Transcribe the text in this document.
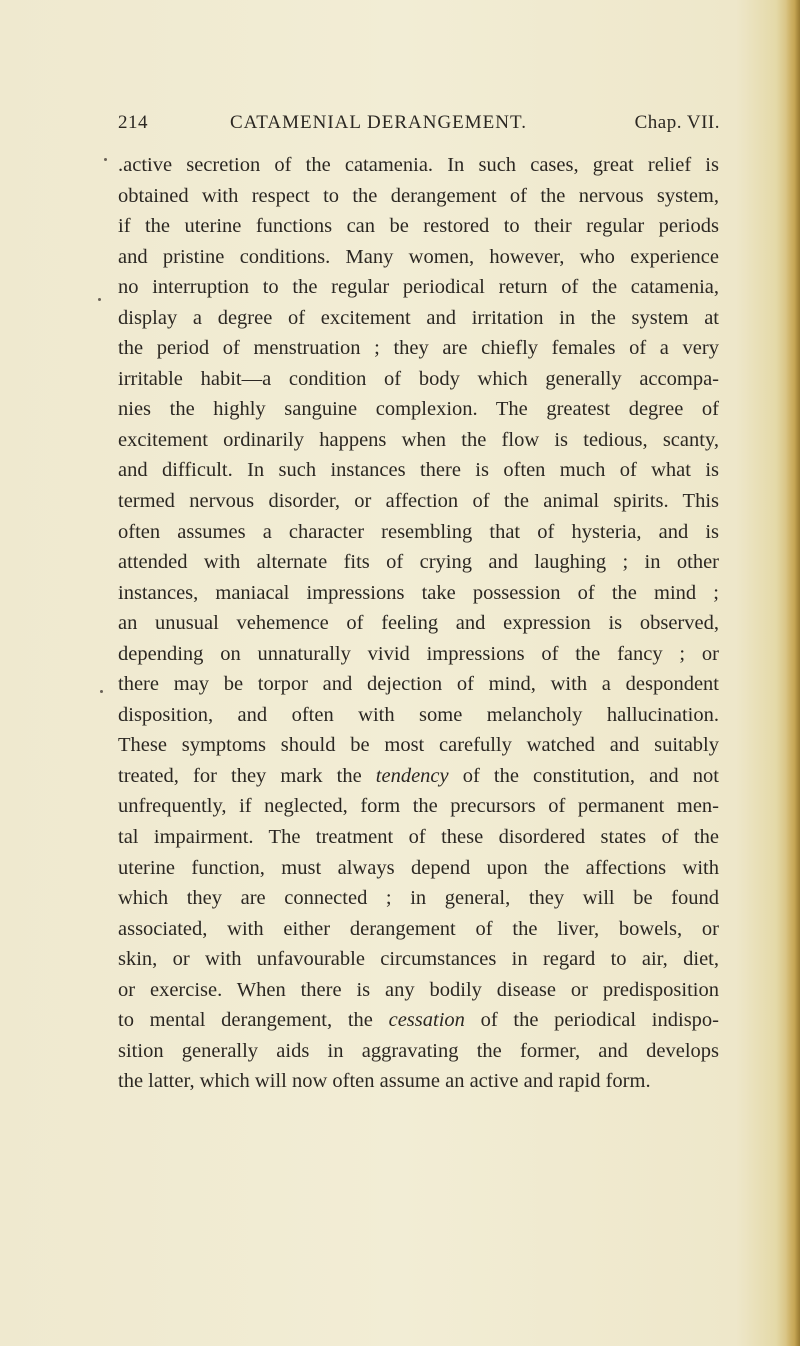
214	CATAMENIAL DERANGEMENT.	Chap. VII.
.active secretion of the catamenia. In such cases, great relief is
obtained with respect to the derangement of the nervous system,
if the uterine functions can be restored to their regular periods
and pristine conditions. Many women, however, who experience
no interruption to the regular periodical return of the catamenia,
display a degree of excitement and irritation in the system at
the period of menstruation ; they are chiefly females of a very
irritable habit—a condition of body which generally accompa-
nies the highly sanguine complexion. The greatest degree of
excitement ordinarily happens when the flow is tedious, scanty,
and difficult. In such instances there is often much of what is
termed nervous disorder, or affection of the animal spirits. This
often assumes a character resembling that of hysteria, and is
attended with alternate fits of crying and laughing ; in other
instances, maniacal impressions take possession of the mind ;
an unusual vehemence of feeling and expression is observed,
depending on unnaturally vivid impressions of the fancy ; or
there may be torpor and dejection of mind, with a despondent
disposition, and often with some melancholy hallucination.
These symptoms should be most carefully watched and suitably
treated, for they mark the tendency of the constitution, and not
unfrequently, if neglected, form the precursors of permanent men-
tal impairment. The treatment of these disordered states of the
uterine function, must always depend upon the affections with
which they are connected ; in general, they will be found
associated, with either derangement of the liver, bowels, or
skin, or with unfavourable circumstances in regard to air, diet,
or exercise. When there is any bodily disease or predisposition
to mental derangement, the cessation of the periodical indispo-
sition generally aids in aggravating the former, and develops
the latter, which will now often assume an active and rapid form.
